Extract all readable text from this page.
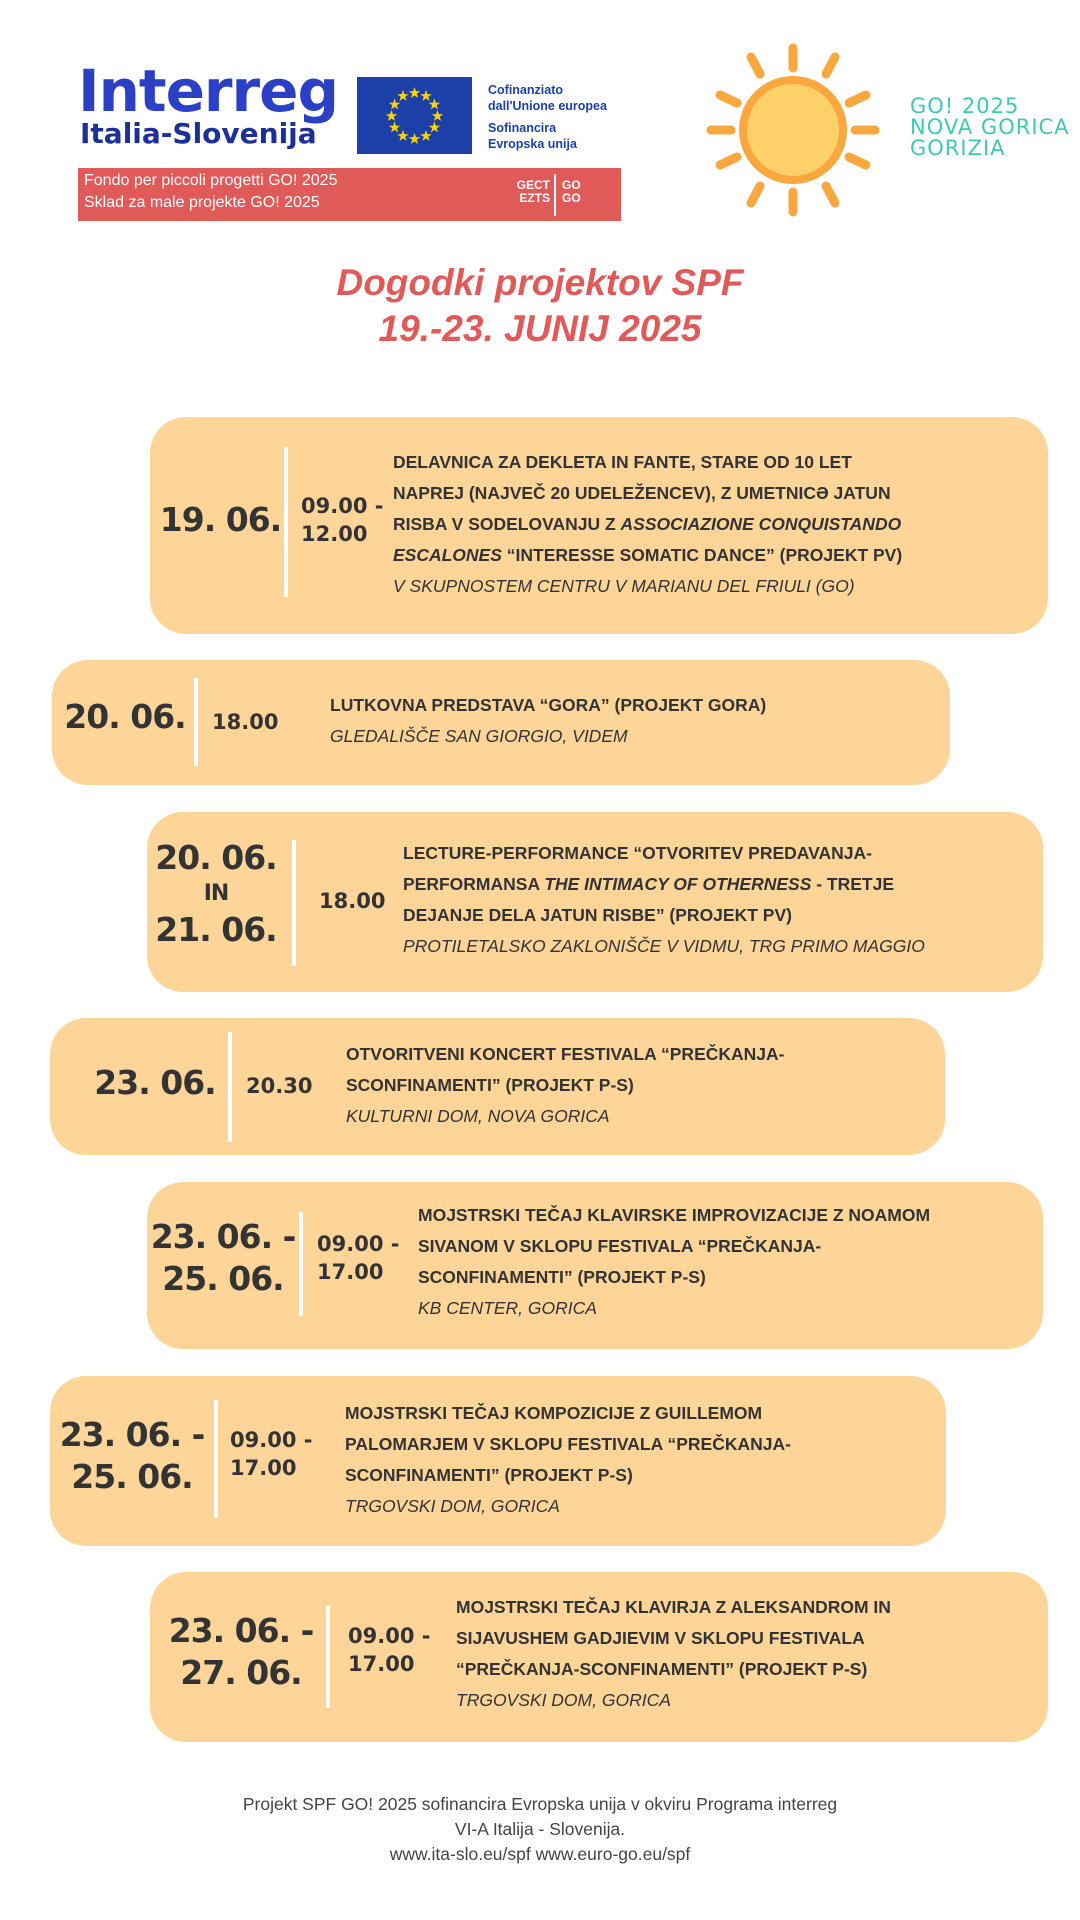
Interreg
Italia-Slovenija
Cofinanziato
dall'Unione europea
Sofinancira
Evropska unija
Fondo per piccoli progetti GO! 2025
Sklad za male projekte GO! 2025
GECT
EZTS
GO
GO
GO! 2025
NOVA GORICA
GORIZIA
Dogodki projektov SPF
19.-23. JUNIJ 2025
19. 06. 09.00 -
12.00
DELAVNICA ZA DEKLETA IN FANTE, STARE OD 10 LET
NAPREJ (NAJVEČ 20 UDELEŽENCEV), Z UMETNICƏ JATUN
RISBA V SODELOVANJU Z ASSOCIAZIONE CONQUISTANDO
ESCALONES “INTERESSE SOMATIC DANCE” (PROJEKT PV)
V SKUPNOSTEM CENTRU V MARIANU DEL FRIULI (GO)
20. 06. 18.00
LUTKOVNA PREDSTAVA “GORA” (PROJEKT GORA)
GLEDALIŠČE SAN GIORGIO, VIDEM
20. 06.
IN
21. 06.
18.00
LECTURE-PERFORMANCE “OTVORITEV PREDAVANJA-
PERFORMANSA THE INTIMACY OF OTHERNESS - TRETJE
DEJANJE DELA JATUN RISBE” (PROJEKT PV)
PROTILETALSKO ZAKLONIŠČE V VIDMU, TRG PRIMO MAGGIO
23. 06.	20.30
OTVORITVENI KONCERT FESTIVALA “PREČKANJA-
SCONFINAMENTI” (PROJEKT P-S)
KULTURNI DOM, NOVA GORICA
23. 06. -
25. 06.
09.00 -
17.00
MOJSTRSKI TEČAJ KLAVIRSKE IMPROVIZACIJE Z NOAMOM
SIVANOM V SKLOPU FESTIVALA “PREČKANJA-
SCONFINAMENTI” (PROJEKT P-S)
KB CENTER, GORICA
23. 06. -
25. 06.
09.00 -
17.00
MOJSTRSKI TEČAJ KOMPOZICIJE Z GUILLEMOM
PALOMARJEM V SKLOPU FESTIVALA “PREČKANJA-
SCONFINAMENTI” (PROJEKT P-S)
TRGOVSKI DOM, GORICA
23. 06. -
27. 06.
09.00 -
17.00
MOJSTRSKI TEČAJ KLAVIRJA Z ALEKSANDROM IN
SIJAVUSHEM GADJIEVIM V SKLOPU FESTIVALA
“PREČKANJA-SCONFINAMENTI” (PROJEKT P-S)
TRGOVSKI DOM, GORICA
Projekt SPF GO! 2025 sofinancira Evropska unija v okviru Programa interreg
VI-A Italija - Slovenija.
www.ita-slo.eu/spf www.euro-go.eu/spf
